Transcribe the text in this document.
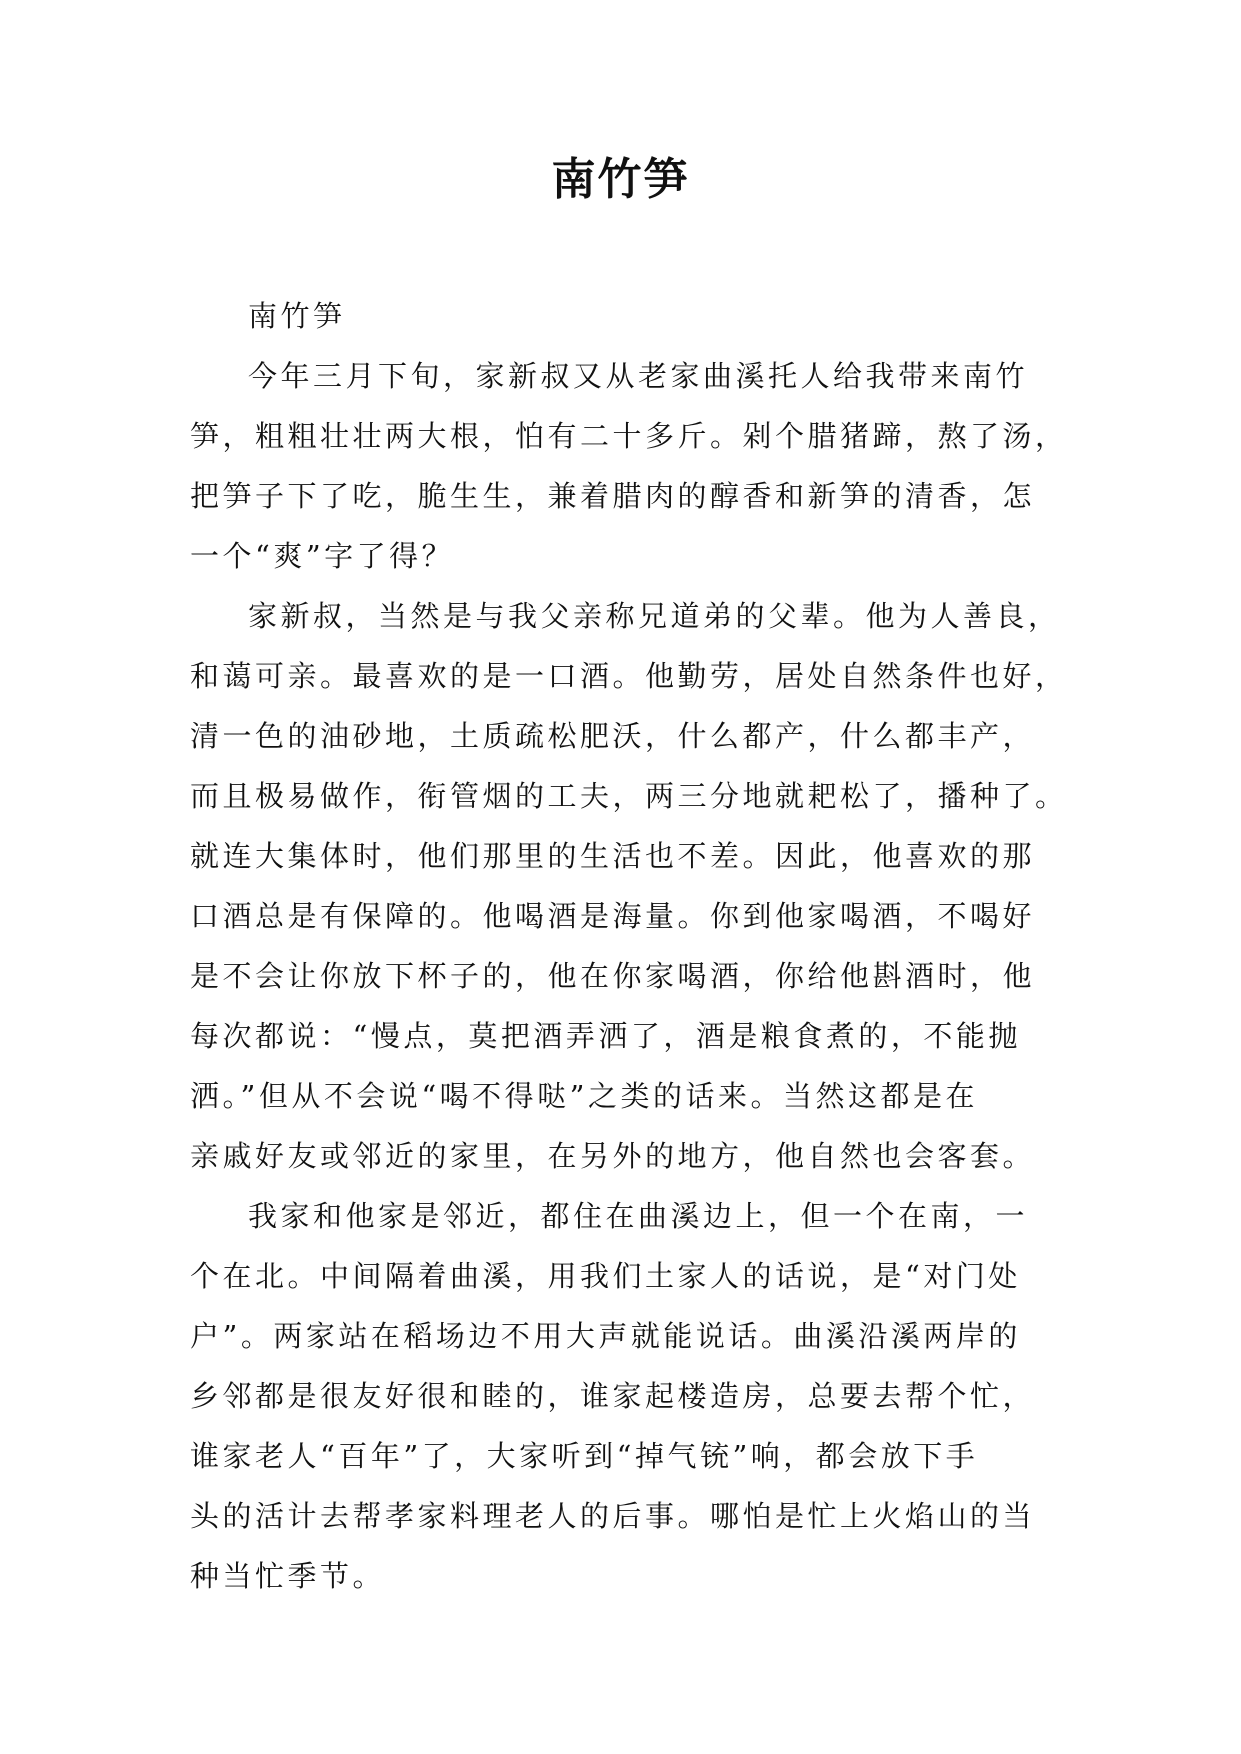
南竹笋

南竹笋

今年三月下旬，家新叔又从老家曲溪托人给我带来南竹
笋，粗粗壮壮两大根，怕有二十多斤。剁个腊猪蹄，熬了汤，
把笋子下了吃，脆生生，兼着腊肉的醇香和新笋的清香，怎
一个“爽”字了得？

家新叔，当然是与我父亲称兄道弟的父辈。他为人善良，
和蔼可亲。最喜欢的是一口酒。他勤劳，居处自然条件也好，
清一色的油砂地，土质疏松肥沃，什么都产，什么都丰产，
而且极易做作，衔管烟的工夫，两三分地就耙松了，播种了。
就连大集体时，他们那里的生活也不差。因此，他喜欢的那
口酒总是有保障的。他喝酒是海量。你到他家喝酒，不喝好
是不会让你放下杯子的，他在你家喝酒，你给他斟酒时，他
每次都说：“慢点，莫把酒弄洒了，酒是粮食煮的，不能抛
洒。”但从不会说“喝不得哒”之类的话来。当然这都是在
亲戚好友或邻近的家里，在另外的地方，他自然也会客套。

我家和他家是邻近，都住在曲溪边上，但一个在南，一
个在北。中间隔着曲溪，用我们土家人的话说，是“对门处
户”。两家站在稻场边不用大声就能说话。曲溪沿溪两岸的
乡邻都是很友好很和睦的，谁家起楼造房，总要去帮个忙，
谁家老人“百年”了，大家听到“掉气铳”响，都会放下手
头的活计去帮孝家料理老人的后事。哪怕是忙上火焰山的当
种当忙季节。
